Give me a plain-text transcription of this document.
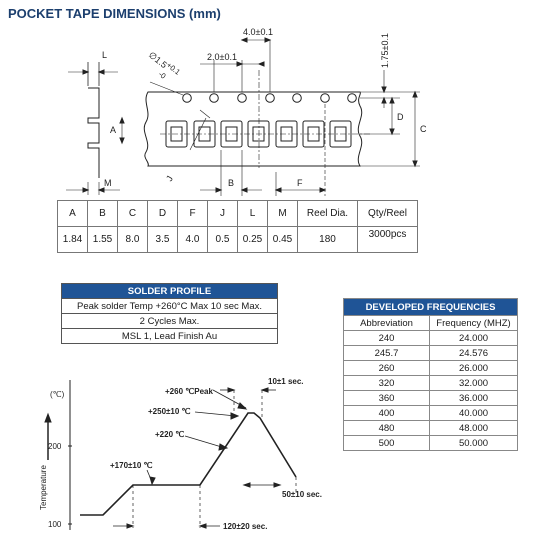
POCKET TAPE DIMENSIONS (mm)
L
A
M	J	B	F
D
C
∅1.5
+0.1
-0
2.0±0.1
4.0±0.1
1.75±0.1
A	B	C	D	F	J	L	M	Reel Dia.	Qty/Reel
1.84	1.55	8.0	3.5	4.0	0.5	0.25	0.45	180	3000pcs
SOLDER PROFILE
Peak solder Temp +260°C Max 10 sec Max.
2 Cycles Max.
MSL 1, Lead Finish Au
DEVELOPED FREQUENCIES	
Abbreviation	Frequency (MHZ)
240	24.000
245.7	24.576
260	26.000
320	32.000
360	36.000
400	40.000
480	48.000
500	50.000
(℃)
Temperature
200
100
+260 ℃Peak
+250±10 ℃
+220 ℃
+170±10 ℃
10±1 sec.
50±10 sec.
120±20 sec.
